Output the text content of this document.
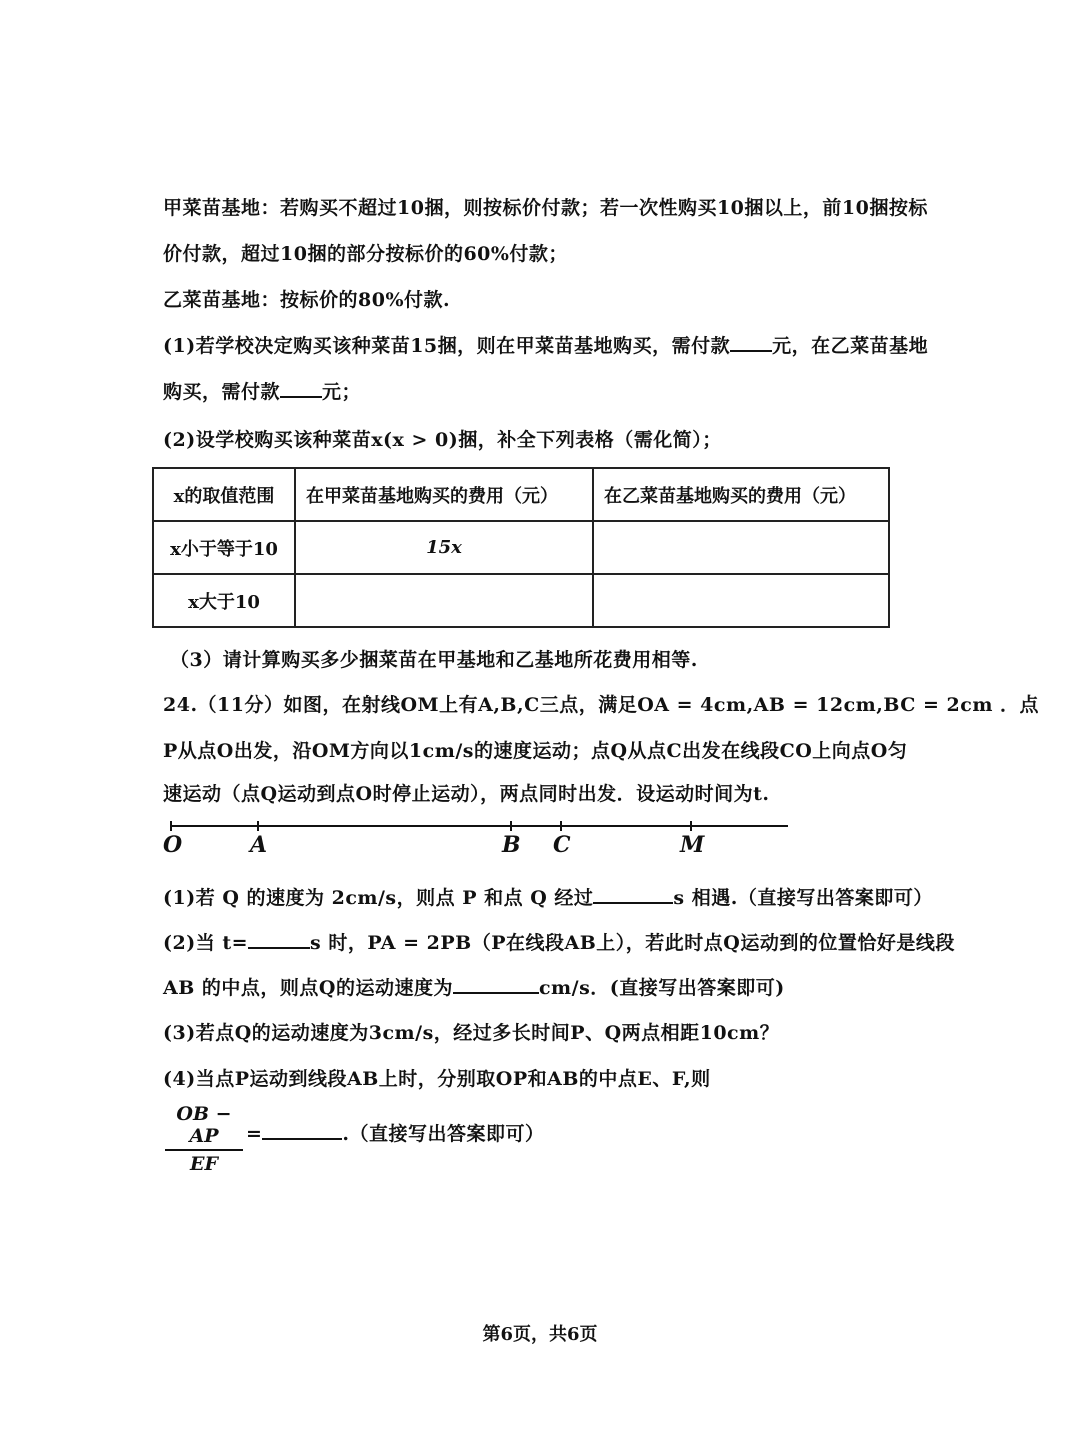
甲菜苗基地：若购买不超过10捆，则按标价付款；若一次性购买10捆以上，前10捆按标
价付款，超过10捆的部分按标价的60%付款；
乙菜苗基地：按标价的80%付款.
(1)若学校决定购买该种菜苗15捆，则在甲菜苗基地购买，需付款 元，在乙菜苗基地
购买，需付款 元；
(2)设学校购买该种菜苗x(x > 0)捆，补全下列表格（需化简）；
x的取值范围	在甲菜苗基地购买的费用（元）	在乙菜苗基地购买的费用（元）
x小于等于10	15x	
x大于10		
（3）请计算购买多少捆菜苗在甲基地和乙基地所花费用相等.
24.（11分）如图，在射线OM上有A,B,C三点，满足OA = 4cm,AB = 12cm,BC = 2cm ．点
P从点O出发，沿OM方向以1cm/s的速度运动；点Q从点C出发在线段CO上向点O匀
速运动（点Q运动到点O时停止运动），两点同时出发．设运动时间为t.
O	A	B C	M
(1)若 Q 的速度为 2cm/s，则点 P 和点 Q 经过	s 相遇.（直接写出答案即可）
(2)当 t=	s 时，PA = 2PB（P在线段AB上），若此时点Q运动到的位置恰好是线段
AB 的中点，则点Q的运动速度为	cm/s．(直接写出答案即可)
(3)若点Q的运动速度为3cm/s，经过多长时间P、Q两点相距10cm？
(4)当点P运动到线段AB上时，分别取OP和AB的中点E、F,则
$\frac{OB - AP}{EF}$ =	.（直接写出答案即可）
第6页，共6页
